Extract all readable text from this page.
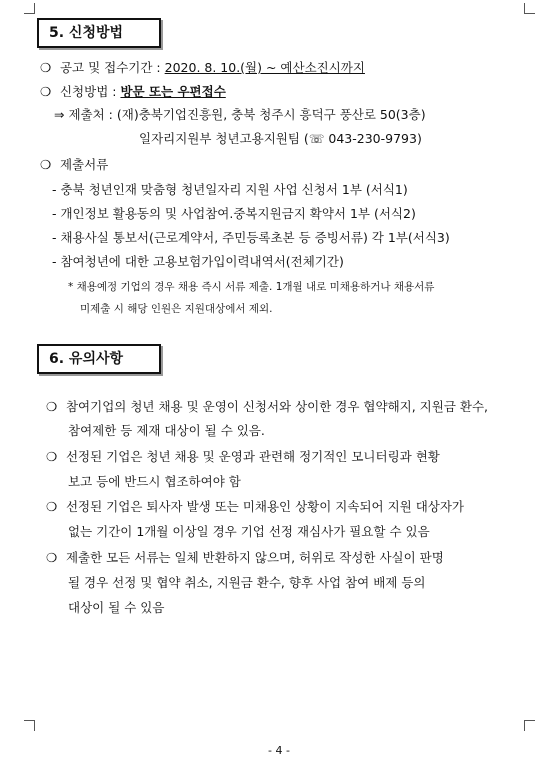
5. 신청방법
❍ 공고 및 접수기간 : 2020. 8. 10.(월) ~ 예산소진시까지
❍ 신청방법 : 방문 또는 우편접수
⇒ 제출처 : (재)충북기업진흥원, 충북 청주시 흥덕구 풍산로 50(3층)
일자리지원부 청년고용지원팀 (☏ 043-230-9793)
❍ 제출서류
- 충북 청년인재 맞춤형 청년일자리 지원 사업 신청서 1부 (서식1)
- 개인정보 활용동의 및 사업참여.중복지원금지 확약서 1부 (서식2)
- 채용사실 통보서(근로계약서, 주민등록초본 등 증빙서류) 각 1부(서식3)
- 참여청년에 대한 고용보험가입이력내역서(전체기간)
* 채용예정 기업의 경우 채용 즉시 서류 제출. 1개월 내로 미채용하거나 채용서류
미제출 시 해당 인원은 지원대상에서 제외.
6. 유의사항
❍ 참여기업의 청년 채용 및 운영이 신청서와 상이한 경우 협약해지, 지원금 환수,
참여제한 등 제재 대상이 될 수 있음.
❍ 선정된 기업은 청년 채용 및 운영과 관련해 정기적인 모니터링과 현황
보고 등에 반드시 협조하여야 함
❍ 선정된 기업은 퇴사자 발생 또는 미채용인 상황이 지속되어 지원 대상자가
없는 기간이 1개월 이상일 경우 기업 선정 재심사가 필요할 수 있음
❍ 제출한 모든 서류는 일체 반환하지 않으며, 허위로 작성한 사실이 판명
될 경우 선정 및 협약 취소, 지원금 환수, 향후 사업 참여 배제 등의
대상이 될 수 있음
- 4 -
